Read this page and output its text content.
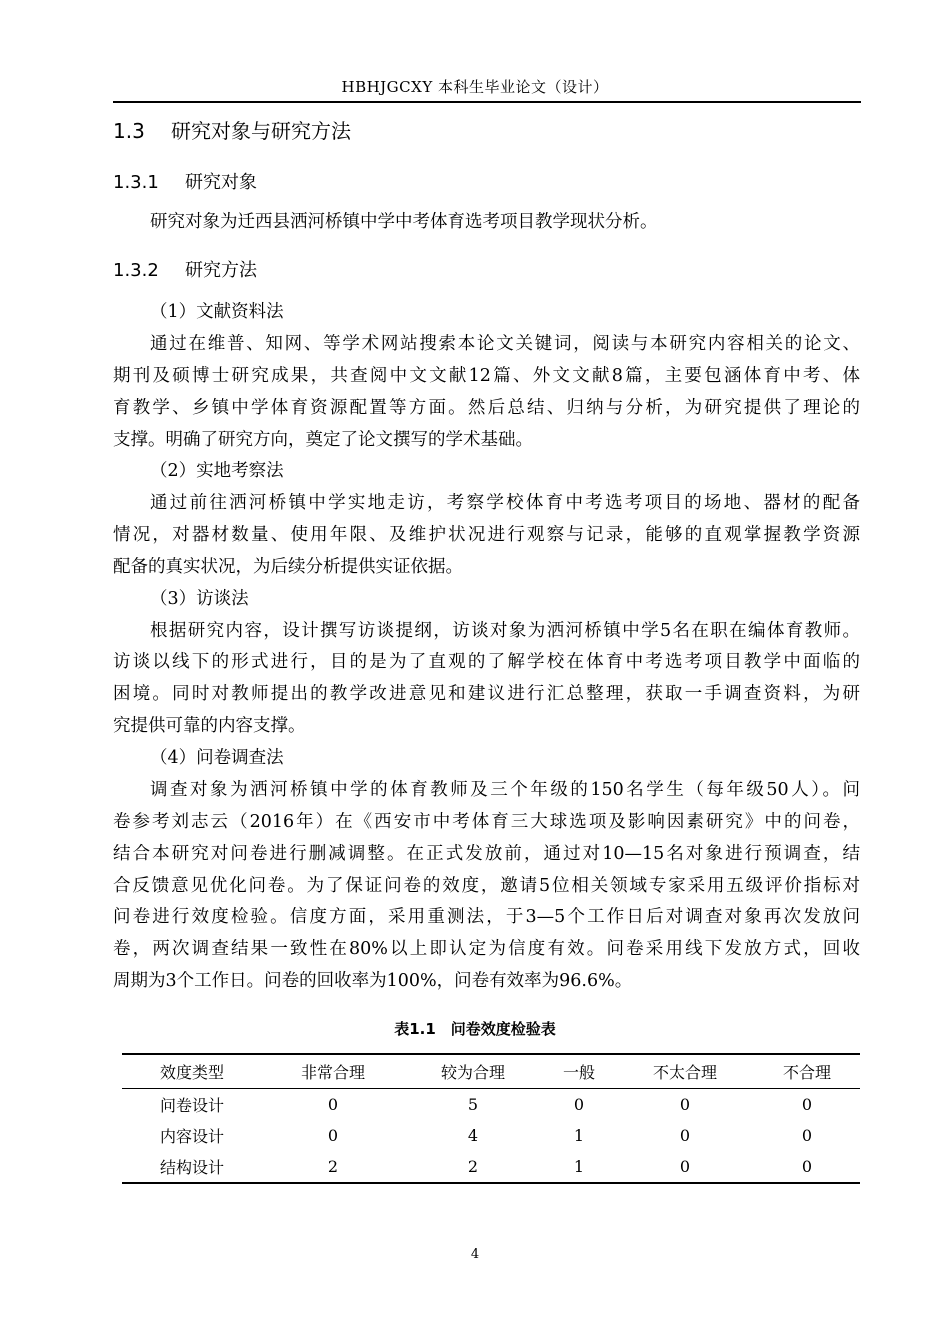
HBHJGCXY 本科生毕业论文（设计）
1.3 研究对象与研究方法
1.3.1 研究对象
研究对象为迁西县洒河桥镇中学中考体育选考项目教学现状分析。
1.3.2 研究方法
（1）文献资料法
通过在维普、知网、等学术网站搜索本论文关键词，阅读与本研究内容相关的论文、
期刊及硕博士研究成果，共查阅中文文献12篇、外文文献8篇，主要包涵体育中考、体
育教学、乡镇中学体育资源配置等方面。然后总结、归纳与分析，为研究提供了理论的
支撑。明确了研究方向，奠定了论文撰写的学术基础。
（2）实地考察法
通过前往洒河桥镇中学实地走访，考察学校体育中考选考项目的场地、器材的配备
情况，对器材数量、使用年限、及维护状况进行观察与记录，能够的直观掌握教学资源
配备的真实状况，为后续分析提供实证依据。
（3）访谈法
根据研究内容，设计撰写访谈提纲，访谈对象为洒河桥镇中学5名在职在编体育教师。
访谈以线下的形式进行，目的是为了直观的了解学校在体育中考选考项目教学中面临的
困境。同时对教师提出的教学改进意见和建议进行汇总整理，获取一手调查资料，为研
究提供可靠的内容支撑。
（4）问卷调查法
调查对象为洒河桥镇中学的体育教师及三个年级的150名学生（每年级50人）。问
卷参考刘志云（2016年）在《西安市中考体育三大球选项及影响因素研究》中的问卷，
结合本研究对问卷进行删减调整。在正式发放前，通过对10—15名对象进行预调查，结
合反馈意见优化问卷。为了保证问卷的效度，邀请5位相关领域专家采用五级评价指标对
问卷进行效度检验。信度方面，采用重测法，于3—5个工作日后对调查对象再次发放问
卷，两次调查结果一致性在80%以上即认定为信度有效。问卷采用线下发放方式，回收
周期为3个工作日。问卷的回收率为100%，问卷有效率为96.6%。
表1.1　问卷效度检验表
效度类型	非常合理	较为合理	一般	不太合理	不合理
问卷设计	0	5	0	0	0
内容设计	0	4	1	0	0
结构设计	2	2	1	0	0
4
